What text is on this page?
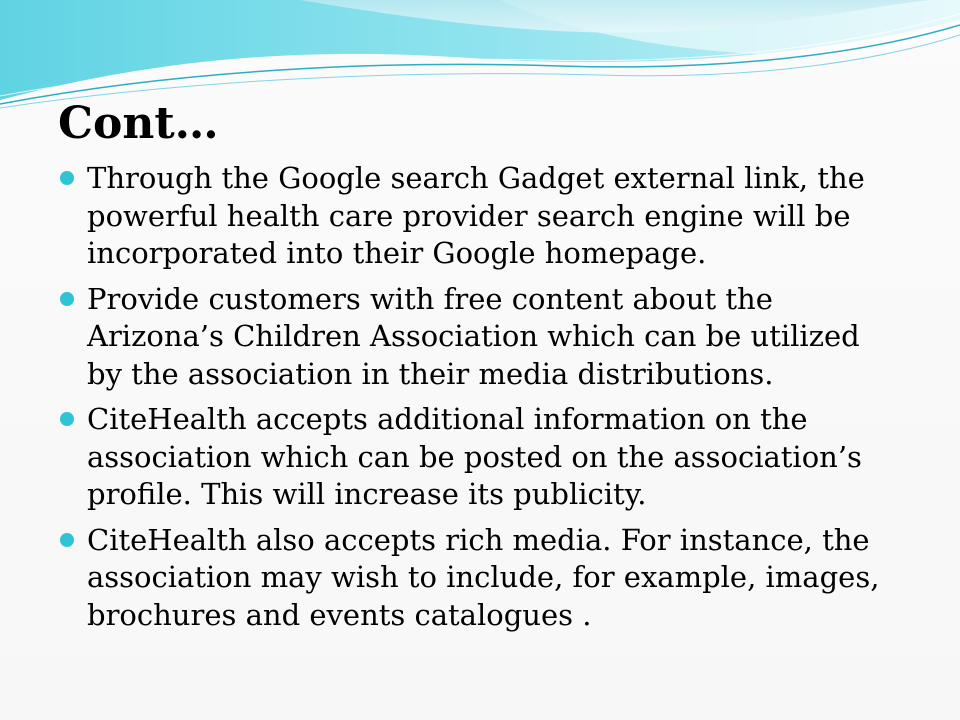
Cont…
Through the Google search Gadget external link, the powerful health care provider search engine will be incorporated into their Google homepage.
Provide customers with free content about the Arizona’s Children Association which can be utilized by the association in their media distributions.
CiteHealth accepts additional information on the association which can be posted on the association’s profile. This will increase its publicity.
CiteHealth also accepts rich media. For instance, the association may wish to include, for example, images, brochures and events catalogues .
